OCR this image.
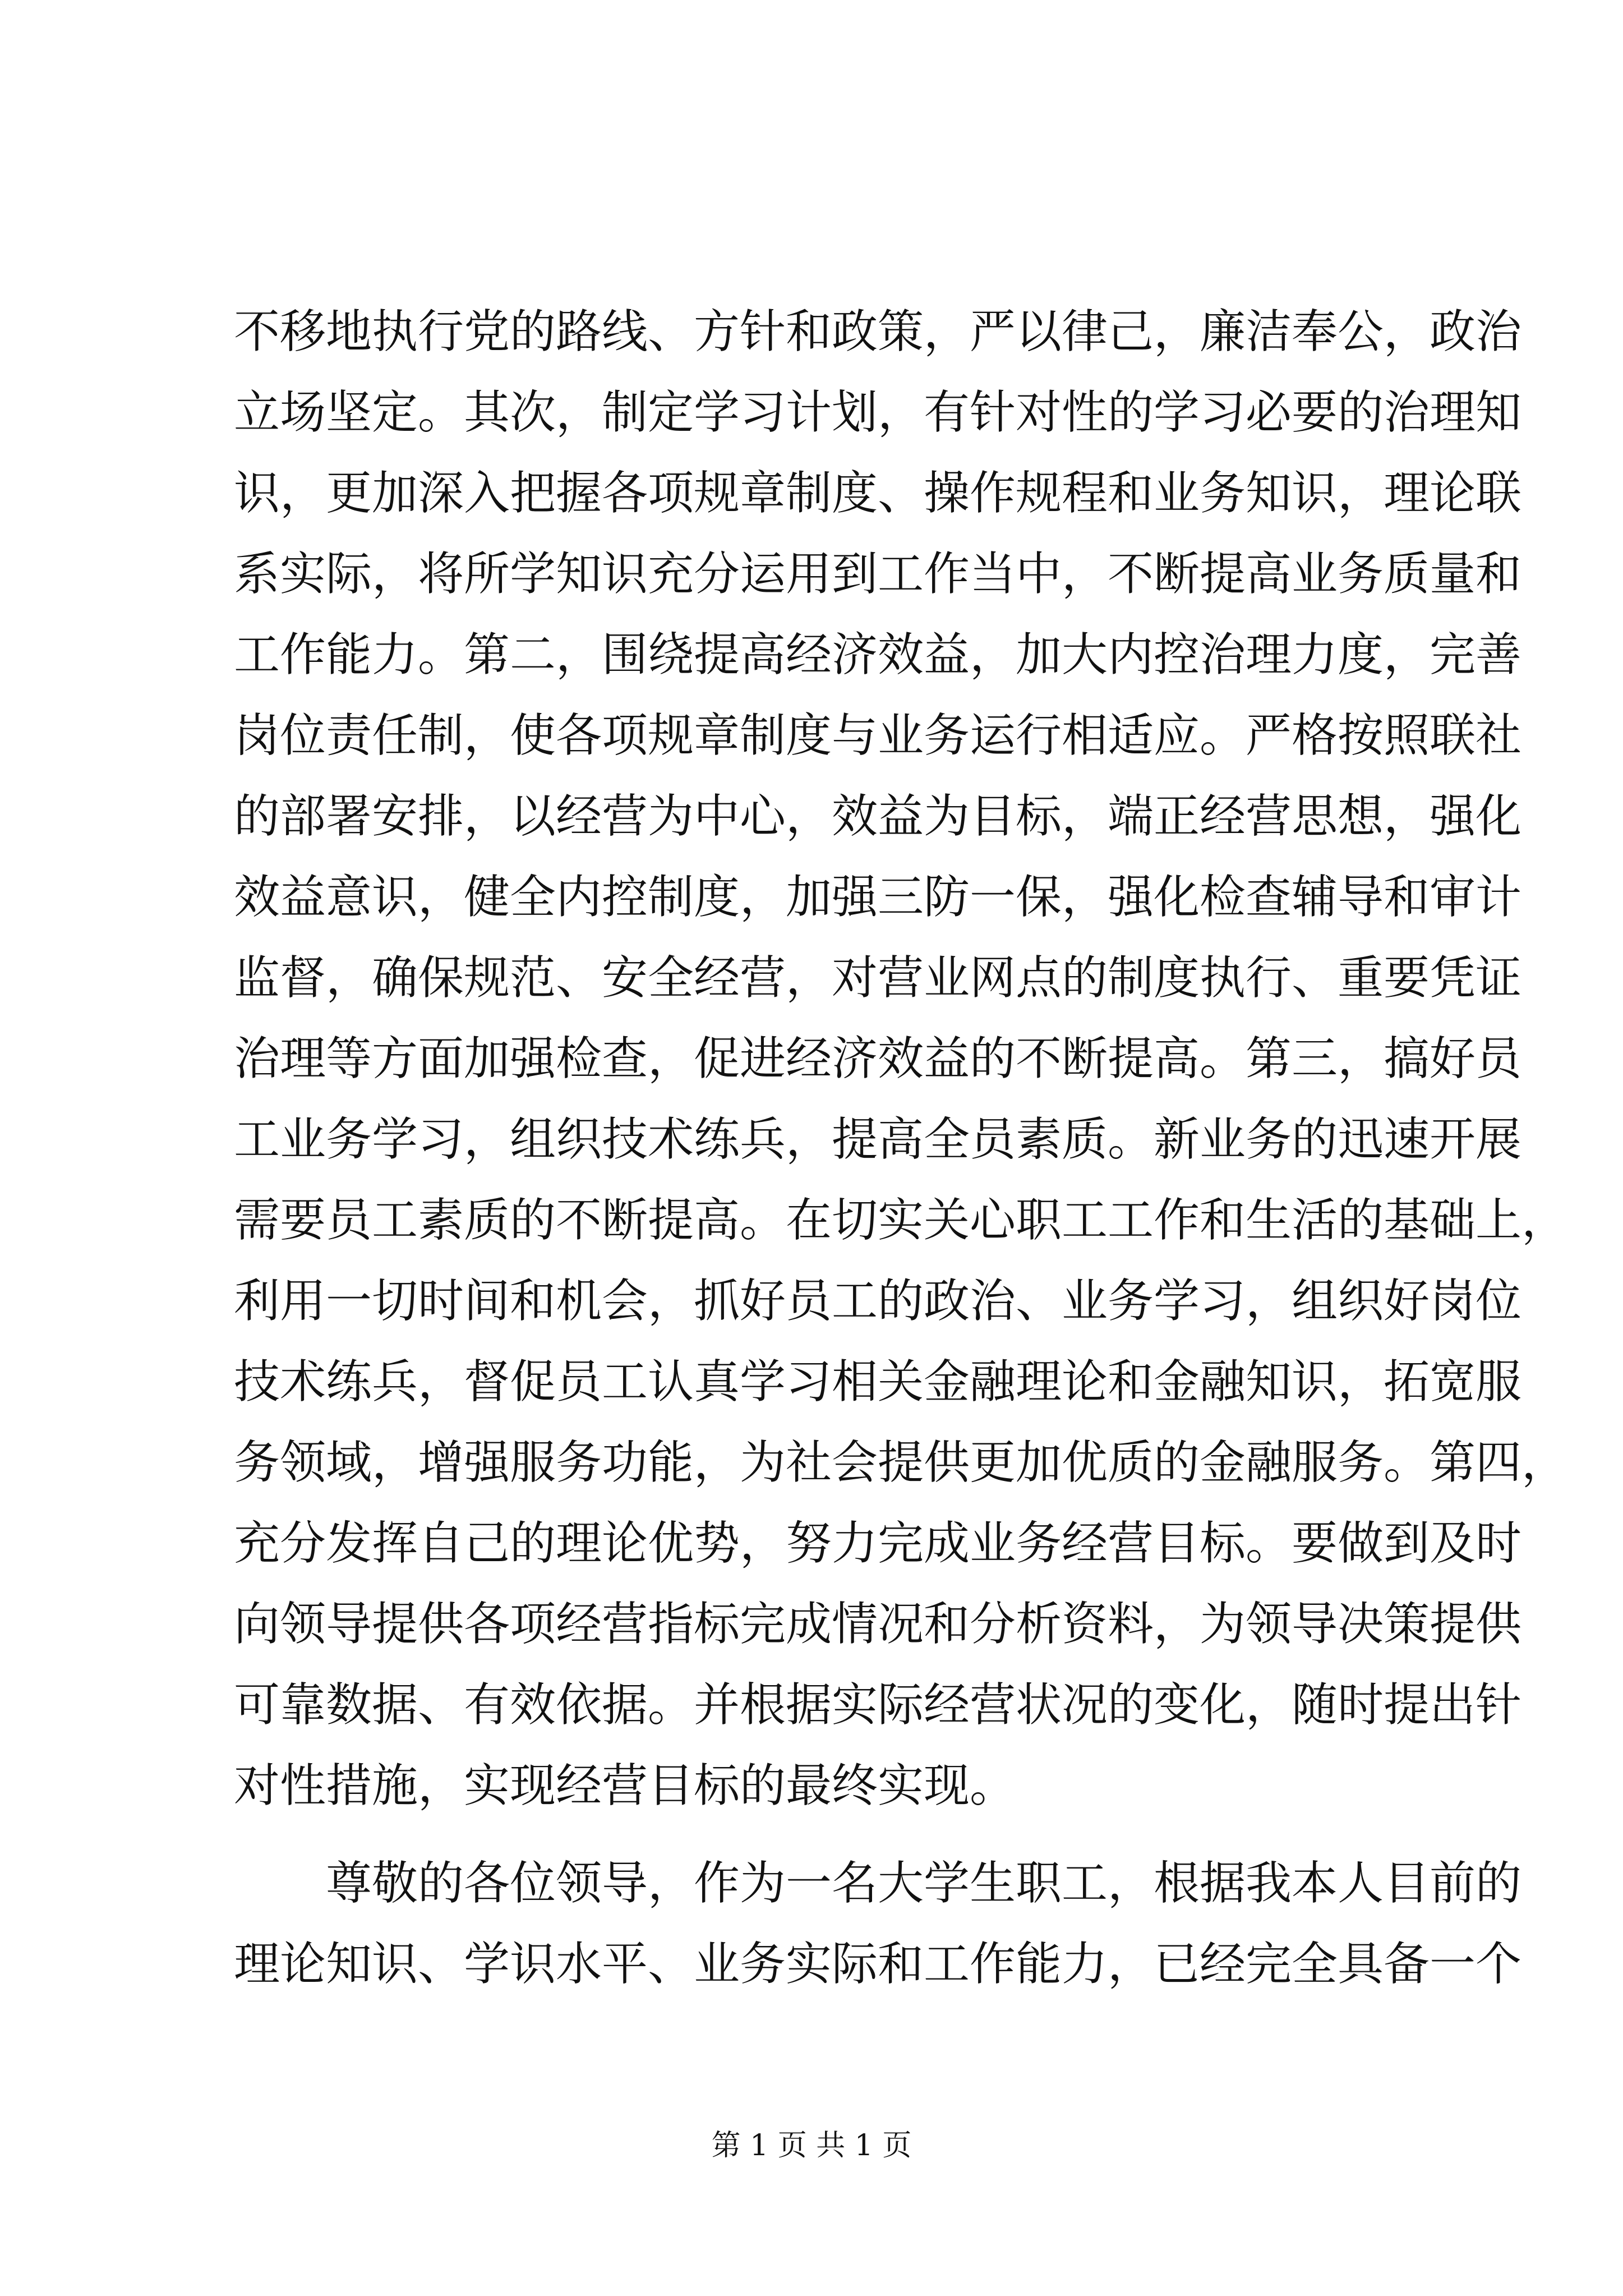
不移地执行党的路线、方针和政策，严以律己，廉洁奉公，政治
立场坚定。其次，制定学习计划，有针对性的学习必要的治理知
识，更加深入把握各项规章制度、操作规程和业务知识，理论联
系实际，将所学知识充分运用到工作当中，不断提高业务质量和
工作能力。第二，围绕提高经济效益，加大内控治理力度，完善
岗位责任制，使各项规章制度与业务运行相适应。严格按照联社
的部署安排，以经营为中心，效益为目标，端正经营思想，强化
效益意识，健全内控制度，加强三防一保，强化检查辅导和审计
监督，确保规范、安全经营，对营业网点的制度执行、重要凭证
治理等方面加强检查，促进经济效益的不断提高。第三，搞好员
工业务学习，组织技术练兵，提高全员素质。新业务的迅速开展
需要员工素质的不断提高。在切实关心职工工作和生活的基础上，
利用一切时间和机会，抓好员工的政治、业务学习，组织好岗位
技术练兵，督促员工认真学习相关金融理论和金融知识，拓宽服
务领域，增强服务功能，为社会提供更加优质的金融服务。第四，
充分发挥自己的理论优势，努力完成业务经营目标。要做到及时
向领导提供各项经营指标完成情况和分析资料，为领导决策提供
可靠数据、有效依据。并根据实际经营状况的变化，随时提出针
对性措施，实现经营目标的最终实现。
尊敬的各位领导，作为一名大学生职工，根据我本人目前的
理论知识、学识水平、业务实际和工作能力，已经完全具备一个
第 1 页 共 1 页
